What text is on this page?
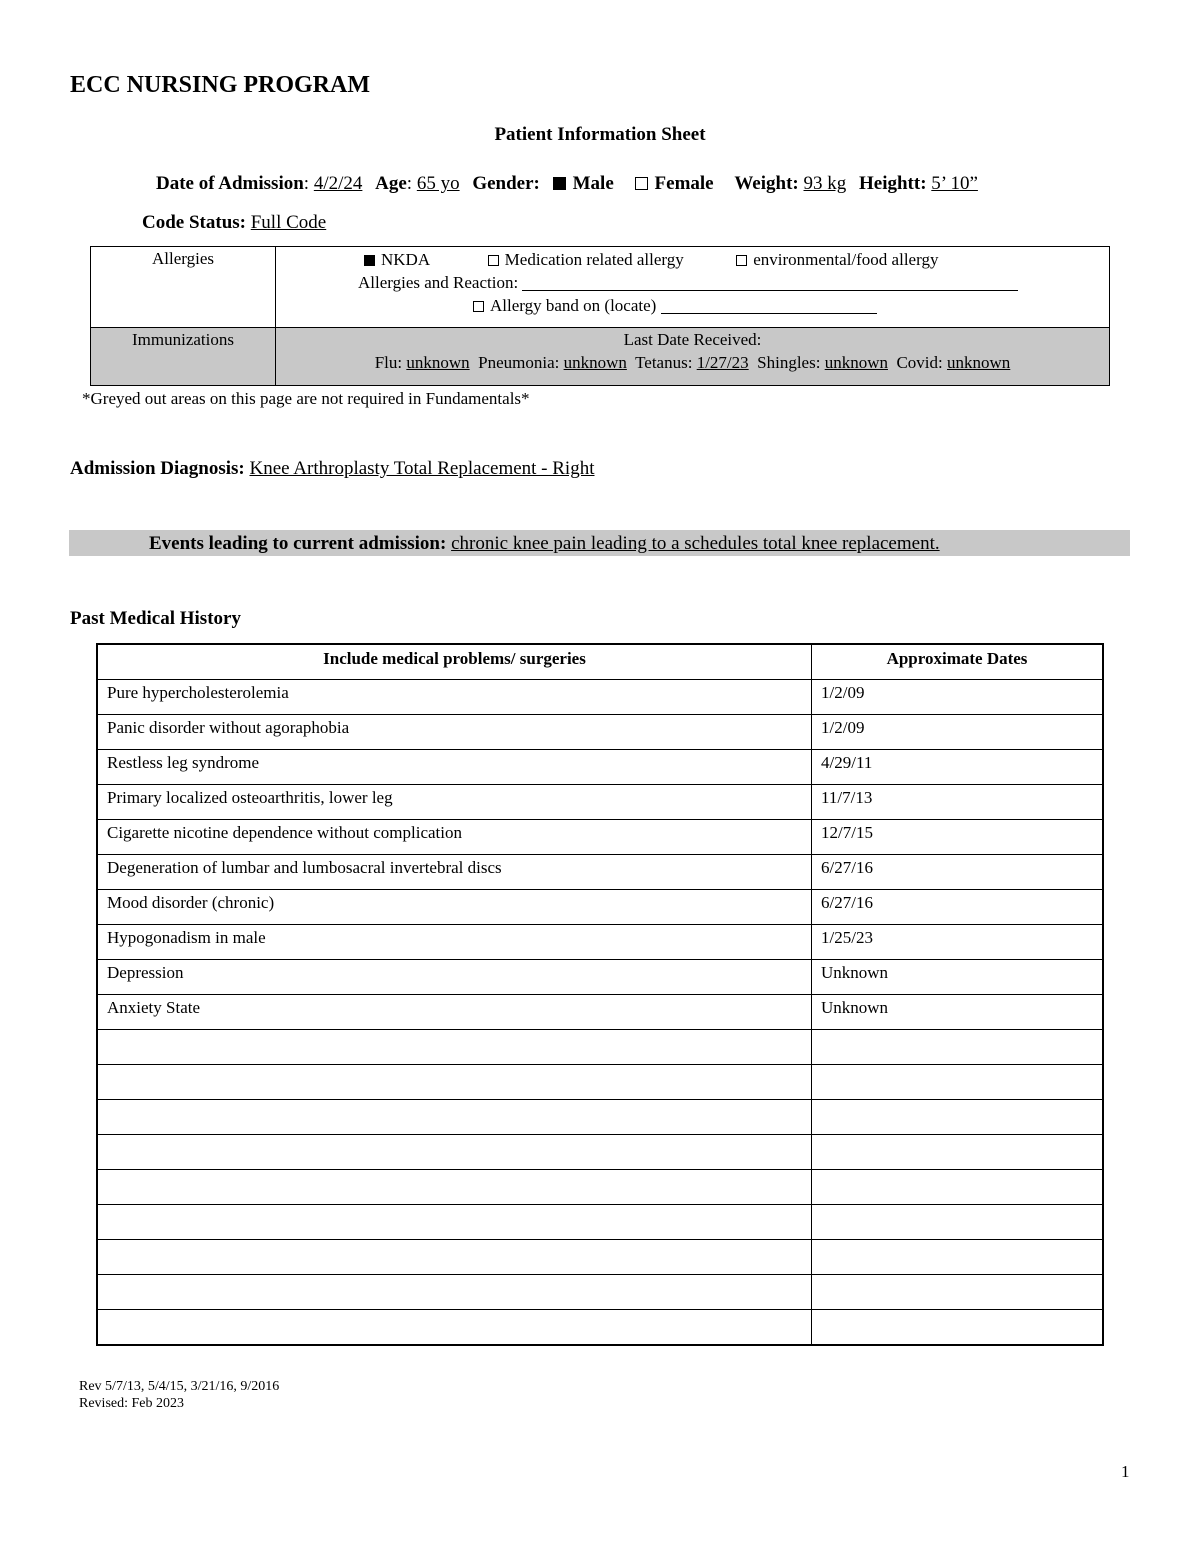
ECC NURSING PROGRAM
Patient Information Sheet
Date of Admission: 4/2/24 Age: 65 yo Gender: Male Female Weight: 93 kg Heightt: 5’ 10”
Code Status: Full Code
Allergies	NKDA Medication related allergy environmental/food allergy
Allergies and Reaction:
Allergy band on (locate)

Immunizations	Last Date Received:
Flu: unknown Pneumonia: unknown Tetanus: 1/27/23 Shingles: unknown Covid: unknown
*Greyed out areas on this page are not required in Fundamentals*
Admission Diagnosis: Knee Arthroplasty Total Replacement - Right
Events leading to current admission: chronic knee pain leading to a schedules total knee replacement.
Past Medical History
Include medical problems/ surgeries	Approximate Dates
Pure hypercholesterolemia	1/2/09
Panic disorder without agoraphobia	1/2/09
Restless leg syndrome	4/29/11
Primary localized osteoarthritis, lower leg	11/7/13
Cigarette nicotine dependence without complication	12/7/15
Degeneration of lumbar and lumbosacral invertebral discs	6/27/16
Mood disorder (chronic)	6/27/16
Hypogonadism in male	1/25/23
Depression	Unknown
Anxiety State	Unknown

Rev 5/7/13, 5/4/15, 3/21/16, 9/2016
Revised: Feb 2023
1
